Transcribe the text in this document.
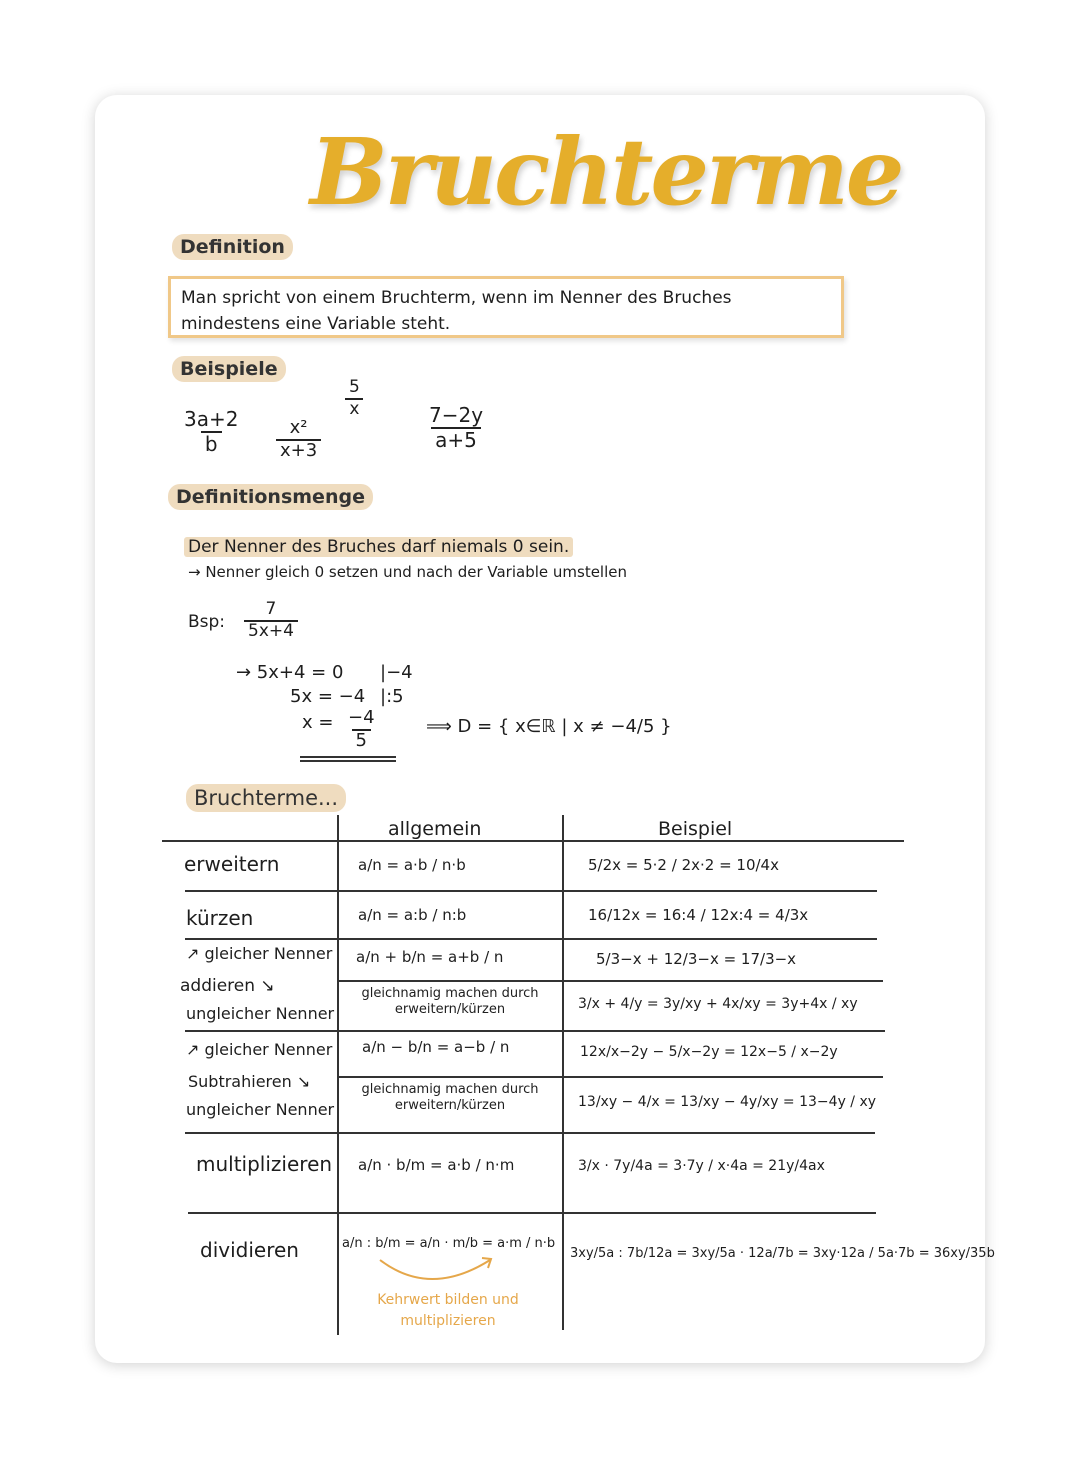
Bruchterme
Definition
Man spricht von einem Bruchterm, wenn im Nenner des Bruches mindestens eine Variable steht.
Beispiele
$\frac{3a+2}{b} \frac{\text{x²}}{x+3}$
$\frac{5}{x}$
$\frac{7-2y}{a+5}$
Definitionsmenge
Der Nenner des Bruches darf niemals 0 sein.
→ Nenner gleich 0 setzen und nach der Variable umstellen
Bsp: $\frac{7}{5x+4}$
→ 5x+4 = 0 |−4
5x = −4 |:5
$x = \frac{-4}{5}$	⟹ D = { x∈ℝ | x ≠ −4/5 }
Bruchterme...
allgemein	Beispiel
erweitern
kürzen
↗ gleicher Nenner
addieren ↘
ungleicher Nenner
↗ gleicher Nenner
Subtrahieren ↘
ungleicher Nenner
multiplizieren
dividieren
a/n = a·b / n·b
a/n = a:b / n:b
a/n + b/n = a+b / n
gleichnamig machen durch erweitern/kürzen
a/n − b/n = a−b / n
gleichnamig machen durch erweitern/kürzen
a/n · b/m = a·b / n·m
a/n : b/m = a/n · m/b = a·m / n·b
Kehrwert bilden und multiplizieren
5/2x = 5·2 / 2x·2 = 10/4x
16/12x = 16:4 / 12x:4 = 4/3x
5/3−x + 12/3−x = 17/3−x
3/x + 4/y = 3y/xy + 4x/xy = 3y+4x / xy
12x/x−2y − 5/x−2y = 12x−5 / x−2y
13/xy − 4/x = 13/xy − 4y/xy = 13−4y / xy
3/x · 7y/4a = 3·7y / x·4a = 21y/4ax
3xy/5a : 7b/12a = 3xy/5a · 12a/7b = 3xy·12a / 5a·7b = 36xy/35b
